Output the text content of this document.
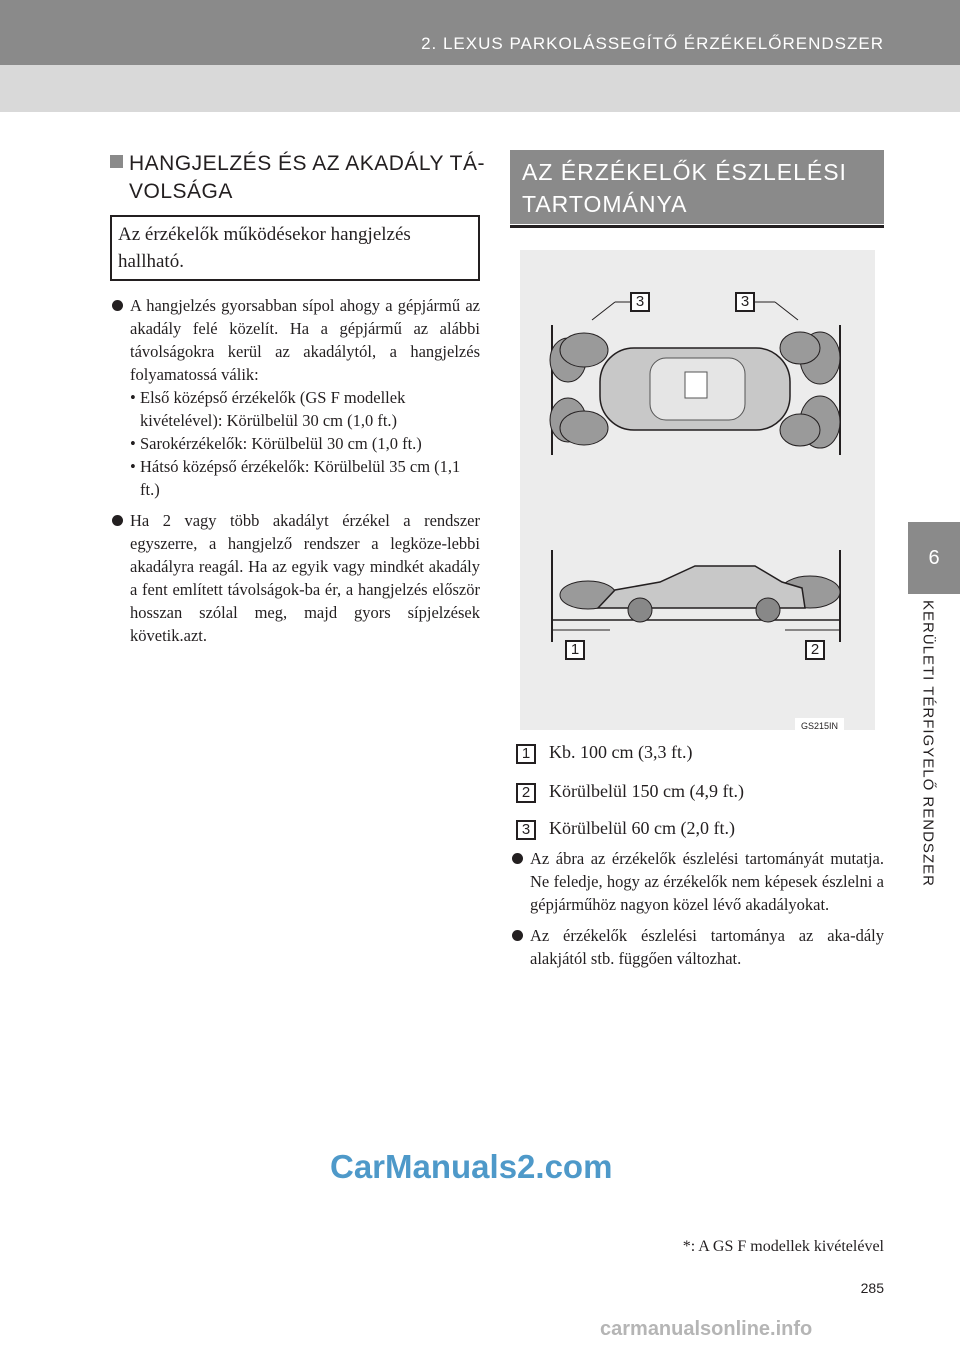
2. LEXUS PARKOLÁSSEGÍTŐ ÉRZÉKELŐRENDSZER
6
KERÜLETI TÉRFIGYELŐ RENDSZER
HANGJELZÉS ÉS AZ AKADÁLY TÁ-
VOLSÁGA
Az érzékelők működésekor hangjelzés hallható.
A hangjelzés gyorsabban sípol ahogy a gépjármű az akadály felé közelít. Ha a gépjármű az alábbi távolságokra kerül az akadálytól, a hangjelzés folyamatossá válik:
• Első középső érzékelők (GS F modellek kivételével): Körülbelül 30 cm (1,0 ft.)
• Sarokérzékelők: Körülbelül 30 cm (1,0 ft.)
• Hátsó középső érzékelők: Körülbelül 35 cm (1,1 ft.)
Ha 2 vagy több akadályt érzékel a rendszer egyszerre, a hangjelző rendszer a legköze-lebbi akadályra reagál. Ha az egyik vagy mindkét akadály a fent említett távolságok-ba ér, a hangjelzés először hosszan szólal meg, majd gyors sípjelzések követik.azt.
AZ ÉRZÉKELŐK ÉSZLELÉSI
TARTOMÁNYA
3	3
1	2
GS215IN
1	Kb. 100 cm (3,3 ft.)
2	Körülbelül 150 cm (4,9 ft.)
3	Körülbelül 60 cm (2,0 ft.)
Az ábra az érzékelők észlelési tartományát mutatja. Ne feledje, hogy az érzékelők nem képesek észlelni a gépjárműhöz nagyon közel lévő akadályokat.
Az érzékelők észlelési tartománya az aka-dály alakjától stb. függően változhat.
CarManuals2.com
*: A GS F modellek kivételével
285
carmanualsonline.info
